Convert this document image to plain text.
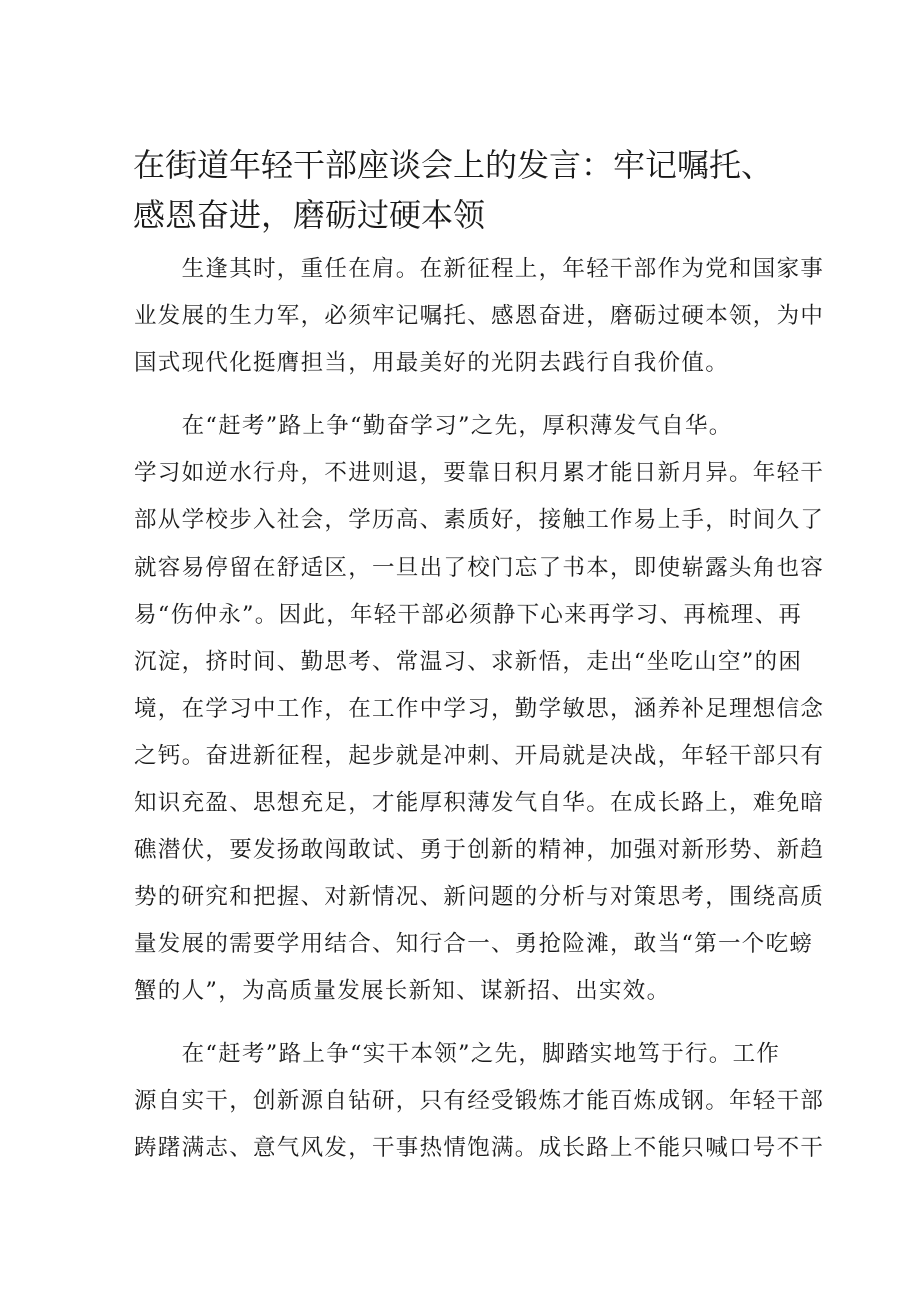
在街道年轻干部座谈会上的发言：牢记嘱托、
感恩奋进，磨砺过硬本领
　　生逢其时，重任在肩。在新征程上，年轻干部作为党和国家事
业发展的生力军，必须牢记嘱托、感恩奋进，磨砺过硬本领，为中
国式现代化挺膺担当，用最美好的光阴去践行自我价值。
　　在“赶考”路上争“勤奋学习”之先，厚积薄发气自华。
学习如逆水行舟，不进则退，要靠日积月累才能日新月异。年轻干
部从学校步入社会，学历高、素质好，接触工作易上手，时间久了
就容易停留在舒适区，一旦出了校门忘了书本，即使崭露头角也容
易“伤仲永”。因此，年轻干部必须静下心来再学习、再梳理、再
沉淀，挤时间、勤思考、常温习、求新悟，走出“坐吃山空”的困
境，在学习中工作，在工作中学习，勤学敏思，涵养补足理想信念
之钙。奋进新征程，起步就是冲刺、开局就是决战，年轻干部只有
知识充盈、思想充足，才能厚积薄发气自华。在成长路上，难免暗
礁潜伏，要发扬敢闯敢试、勇于创新的精神，加强对新形势、新趋
势的研究和把握、对新情况、新问题的分析与对策思考，围绕高质
量发展的需要学用结合、知行合一、勇抢险滩，敢当“第一个吃螃
蟹的人”，为高质量发展长新知、谋新招、出实效。
　　在“赶考”路上争“实干本领”之先，脚踏实地笃于行。工作
源自实干，创新源自钻研，只有经受锻炼才能百炼成钢。年轻干部
踌躇满志、意气风发，干事热情饱满。成长路上不能只喊口号不干
